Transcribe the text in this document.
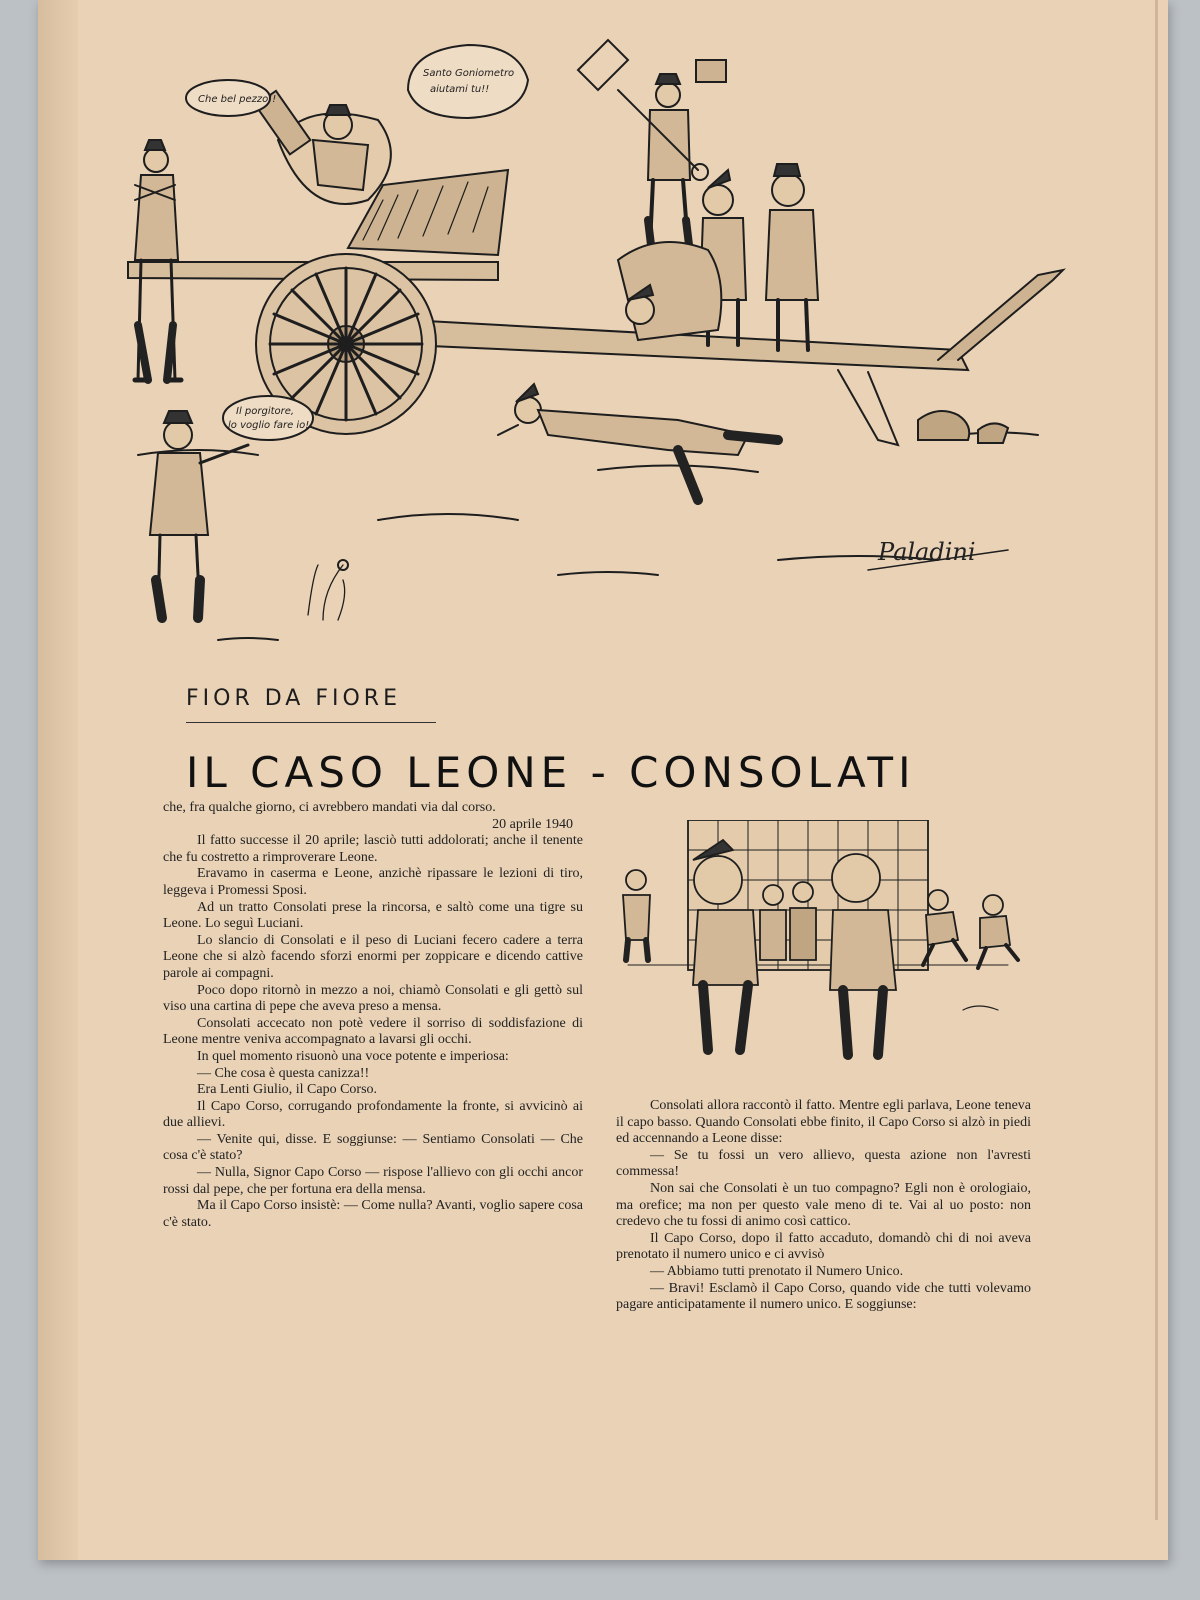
Che bel pezzo!!
Santo Goniometro
aiutami tu!!
Il porgitore,
lo voglio fare io!!
Paladini
FIOR DA FIORE
IL CASO LEONE - CONSOLATI

che, fra qualche giorno, ci avrebbero mandati via dal corso.

20 aprile 1940

Il fatto successe il 20 aprile; lasciò tutti addolorati; anche il tenente che fu costretto a rimproverare Leone.

Eravamo in caserma e Leone, anzichè ripassare le lezioni di tiro, leggeva i Promessi Sposi.

Ad un tratto Consolati prese la rincorsa, e saltò come una tigre su Leone. Lo seguì Luciani.

Lo slancio di Consolati e il peso di Luciani fecero cadere a terra Leone che si alzò facendo sforzi enormi per zoppicare e dicendo cattive parole ai compagni.

Poco dopo ritornò in mezzo a noi, chiamò Consolati e gli gettò sul viso una cartina di pepe che aveva preso a mensa.

Consolati accecato non potè vedere il sorriso di soddisfazione di Leone mentre veniva accompagnato a lavarsi gli occhi.

In quel momento risuonò una voce potente e imperiosa:

— Che cosa è questa canizza!!

Era Lenti Giulio, il Capo Corso.

Il Capo Corso, corrugando profondamente la fronte, si avvicinò ai due allievi.

— Venite qui, disse. E soggiunse: — Sentiamo Consolati — Che cosa c'è stato?

— Nulla, Signor Capo Corso — rispose l'allievo con gli occhi ancor rossi dal pepe, che per fortuna era della mensa.

Ma il Capo Corso insistè: — Come nulla? Avanti, voglio sapere cosa c'è stato.

Consolati allora raccontò il fatto. Mentre egli parlava, Leone teneva il capo basso. Quando Consolati ebbe finito, il Capo Corso si alzò in piedi ed accennando a Leone disse:

— Se tu fossi un vero allievo, questa azione non l'avresti commessa!

Non sai che Consolati è un tuo compagno? Egli non è orologiaio, ma orefice; ma non per questo vale meno di te. Vai al uo posto: non credevo che tu fossi di animo così cattico.

Il Capo Corso, dopo il fatto accaduto, domandò chi di noi aveva prenotato il numero unico e ci avvisò

— Abbiamo tutti prenotato il Numero Unico.

— Bravi! Esclamò il Capo Corso, quando vide che tutti volevamo pagare anticipatamente il numero unico. E soggiunse:
